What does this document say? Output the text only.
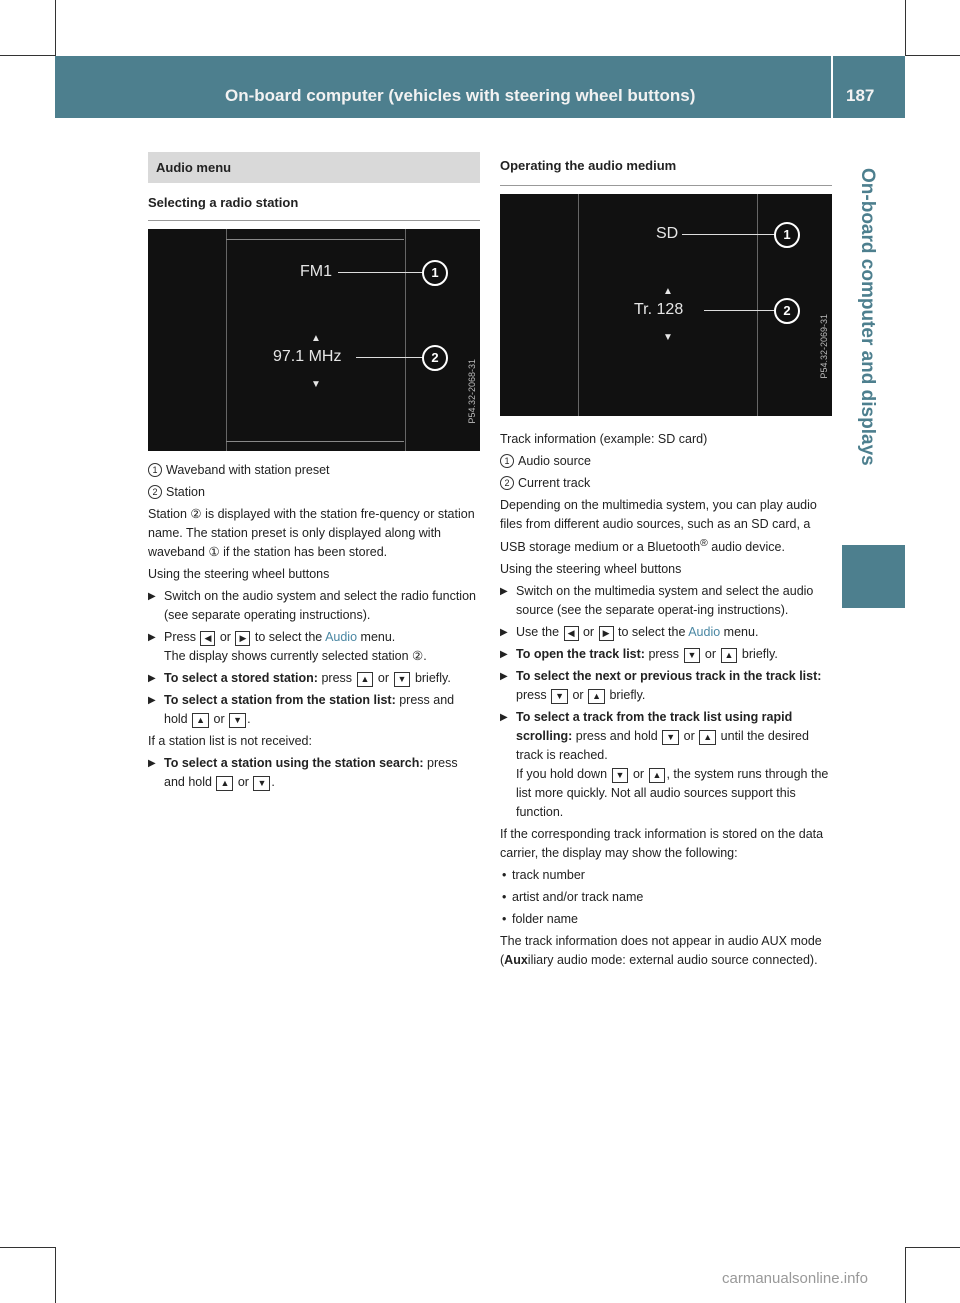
On-board computer (vehicles with steering wheel buttons)	187
On-board computer and displays
Audio menu
Selecting a radio station
FM1	1
▲
97.1 MHz	2
▼	P54.32-2068-31

1 Waveband with station preset

2 Station

Station ② is displayed with the station fre-quency or station name. The station preset is only displayed along with waveband ① if the station has been stored.

Using the steering wheel buttons

▶ Switch on the audio system and select the radio function (see separate operating instructions).

▶ Press ◀ or ▶ to select the Audio menu.
The display shows currently selected station ②.

▶ To select a stored station: press ▲ or ▼ briefly.

▶ To select a station from the station list: press and hold ▲ or ▼ .

If a station list is not received:

▶ To select a station using the station search: press and hold ▲ or ▼ .

Operating the audio medium
SD	1
▲
Tr. 128	2
▼	P54.32-2069-31

Track information (example: SD card)

1 Audio source

2 Current track

Depending on the multimedia system, you can play audio files from different audio sources, such as an SD card, a USB storage medium or a Bluetooth® audio device.

Using the steering wheel buttons

▶ Switch on the multimedia system and select the audio source (see the separate operat-ing instructions).

▶ Use the ◀ or ▶ to select the Audio menu.

▶ To open the track list: press ▼ or ▲ briefly.

▶ To select the next or previous track in the track list: press ▼ or ▲ briefly.

▶ To select a track from the track list using rapid scrolling: press and hold ▼ or ▲ until the desired track is reached.
If you hold down ▼ or ▲ , the system runs through the list more quickly. Not all audio sources support this function.

If the corresponding track information is stored on the data carrier, the display may show the following:

• track number

• artist and/or track name

• folder name

The track information does not appear in audio AUX mode (Auxiliary audio mode: external audio source connected).

carmanualsonline.info
